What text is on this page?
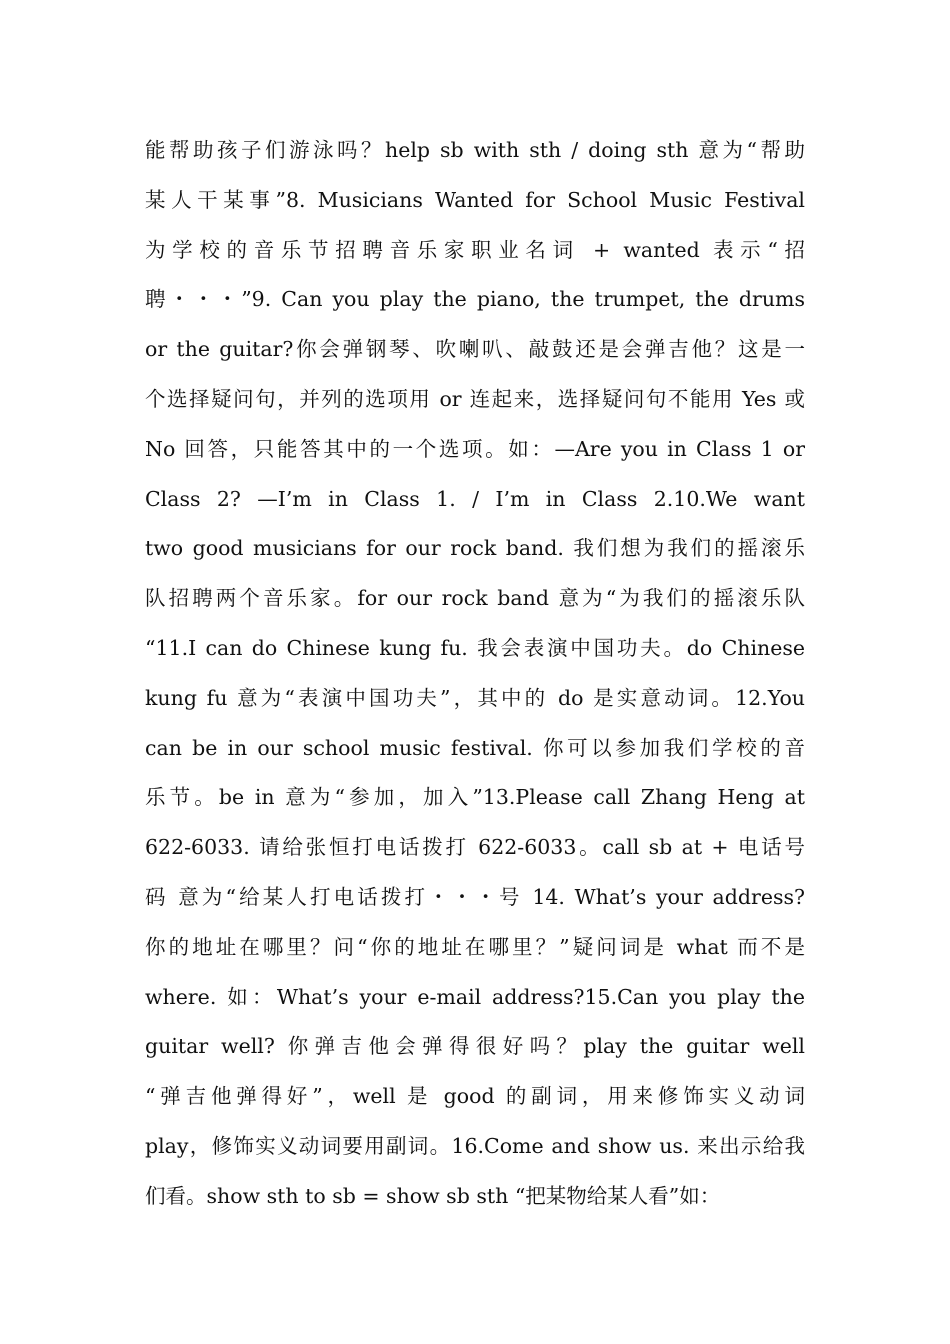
能帮助孩子们游泳吗？help sb with sth / doing sth 意为“帮助
某人干某事”8. Musicians Wanted for School Music Festival
为学校的音乐节招聘音乐家职业名词 + wanted 表示“招
聘・・・”9. Can you play the piano, the trumpet, the drums
or the guitar?你会弹钢琴、吹喇叭、敲鼓还是会弹吉他？这是一
个选择疑问句，并列的选项用 or 连起来，选择疑问句不能用 Yes 或
No 回答，只能答其中的一个选项。如：—Are you in Class 1 or
Class 2? —I’m in Class 1. / I’m in Class 2.10.We want
two good musicians for our rock band. 我们想为我们的摇滚乐
队招聘两个音乐家。for our rock band 意为“为我们的摇滚乐队
“11.I can do Chinese kung fu. 我会表演中国功夫。do Chinese
kung fu 意为“表演中国功夫”，其中的 do 是实意动词。12.You
can be in our school music festival. 你可以参加我们学校的音
乐节。be in 意为“参加，加入”13.Please call Zhang Heng at
622-6033. 请给张恒打电话拨打 622-6033。call sb at + 电话号
码 意为“给某人打电话拨打・・・号 14. What’s your address?
你的地址在哪里？问“你的地址在哪里？”疑问词是 what 而不是
where. 如：What’s your e-mail address?15.Can you play the
guitar well? 你弹吉他会弹得很好吗？play the guitar well
“弹吉他弹得好”，well 是 good 的副词，用来修饰实义动词
play，修饰实义动词要用副词。16.Come and show us. 来出示给我
们看。show sth to sb = show sb sth “把某物给某人看”如：
